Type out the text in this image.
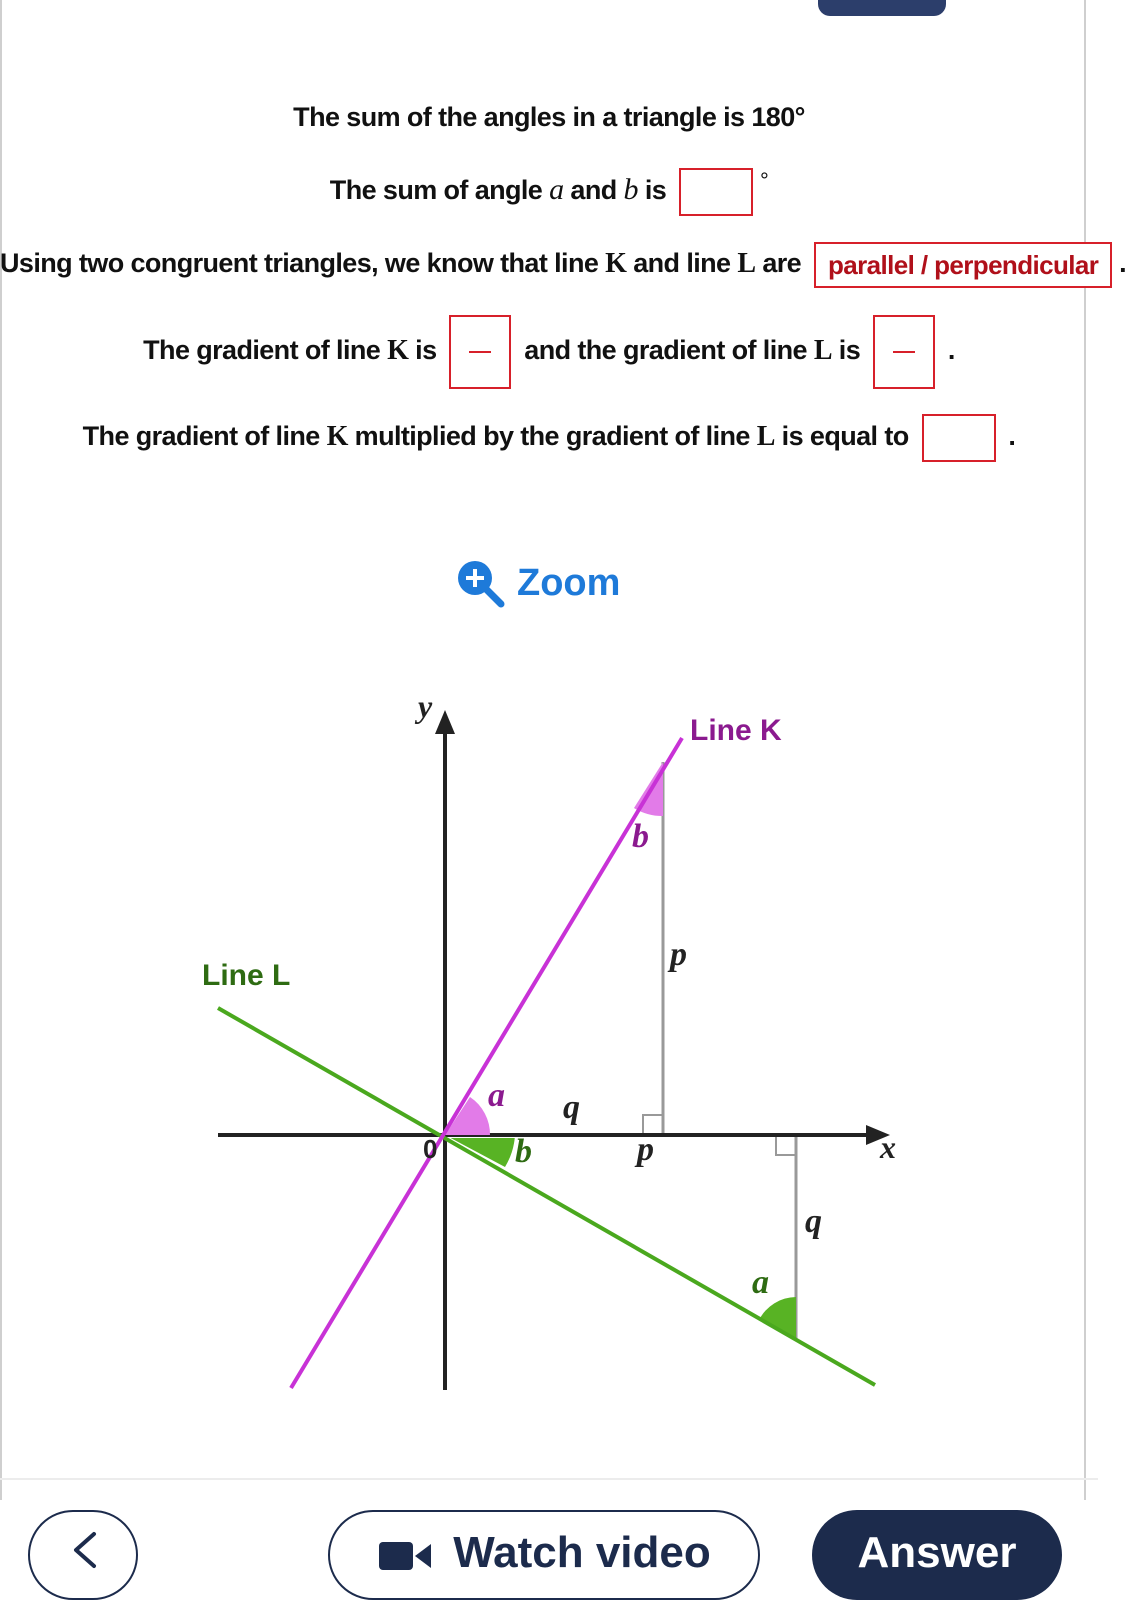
The sum of the angles in a triangle is 180°
The sum of angle a and b is	°
Using two congruent triangles, we know that line K and line L are parallel / perpendicular .
The gradient of line K is	and the gradient of line L is	.
The gradient of line K multiplied by the gradient of line L is equal to	.
Zoom
y
x
0
Line K
Line L
b
p
a q
b	p
q
a
Watch video	Answer
